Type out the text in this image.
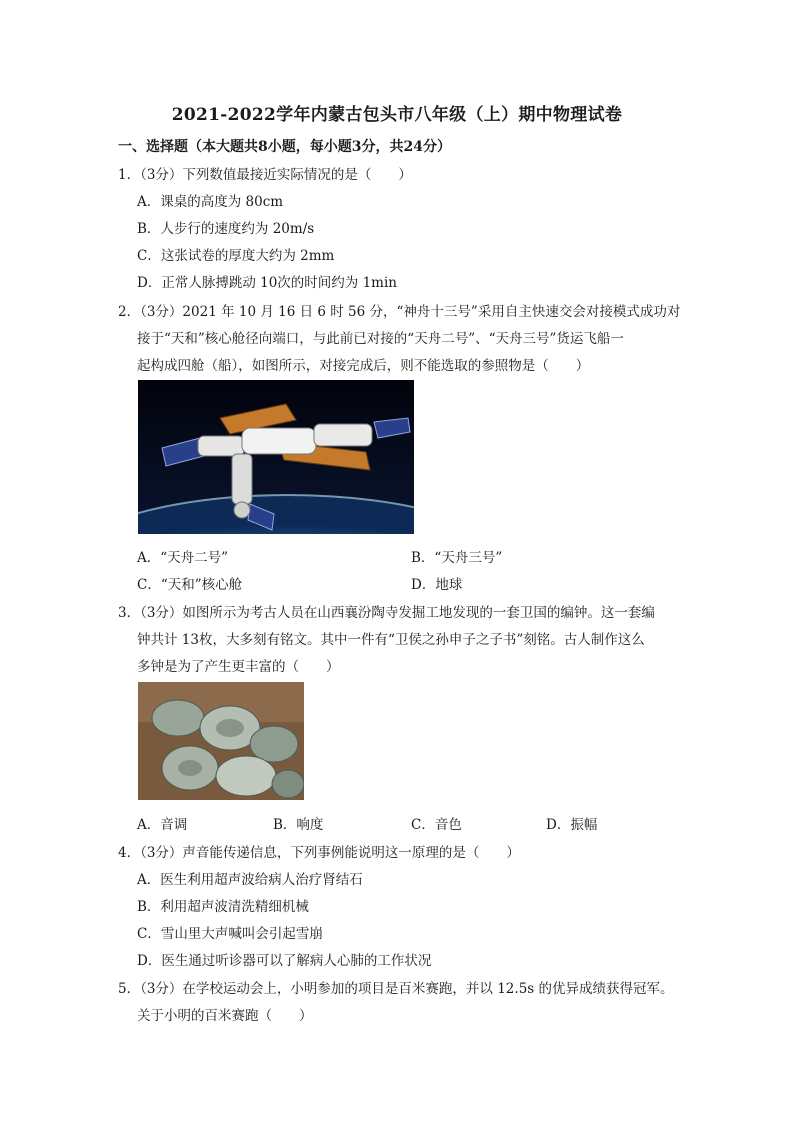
2021-2022学年内蒙古包头市八年级（上）期中物理试卷
一、选择题（本大题共8小题，每小题3分，共24分）
1．（3分）下列数值最接近实际情况的是（　　）
A．课桌的高度为 80cm
B．人步行的速度约为 20m/s
C．这张试卷的厚度大约为 2mm
D．正常人脉搏跳动 10次的时间约为 1min
2．（3分）2021 年 10 月 16 日 6 时 56 分，“神舟十三号”采用自主快速交会对接模式成功对
接于“天和”核心舱径向端口，与此前已对接的“天舟二号”、“天舟三号”货运飞船一
起构成四舱（船），如图所示，对接完成后，则不能选取的参照物是（　　）
A．“天舟二号”	B．“天舟三号”
C．“天和”核心舱	D．地球
3．（3分）如图所示为考古人员在山西襄汾陶寺发掘工地发现的一套卫国的编钟。这一套编
钟共计 13枚，大多刻有铭文。其中一件有“卫侯之孙申子之子书”刻铭。古人制作这么
多钟是为了产生更丰富的（　　）
A．音调	B．响度	C．音色	D．振幅
4．（3分）声音能传递信息，下列事例能说明这一原理的是（　　）
A．医生利用超声波给病人治疗肾结石
B．利用超声波清洗精细机械
C．雪山里大声喊叫会引起雪崩
D．医生通过听诊器可以了解病人心肺的工作状况
5．（3分）在学校运动会上，小明参加的项目是百米赛跑，并以 12.5s 的优异成绩获得冠军。
关于小明的百米赛跑（　　）
